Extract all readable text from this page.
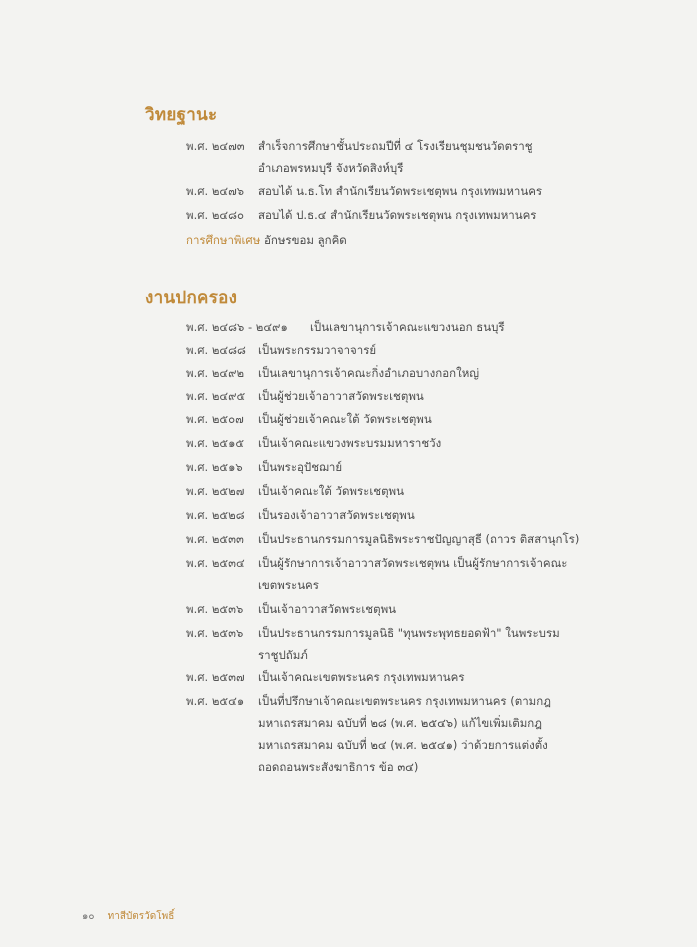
วิทยฐานะ
พ.ศ. ๒๔๗๓ สำเร็จการศึกษาชั้นประถมปีที่ ๔ โรงเรียนชุมชนวัดตราชู
อำเภอพรหมบุรี จังหวัดสิงห์บุรี
พ.ศ. ๒๔๗๖ สอบได้ น.ธ.โท สำนักเรียนวัดพระเชตุพน กรุงเทพมหานคร
พ.ศ. ๒๔๘๐ สอบได้ ป.ธ.๔ สำนักเรียนวัดพระเชตุพน กรุงเทพมหานคร
การศึกษาพิเศษ อักษรขอม ลูกคิด
งานปกครอง
พ.ศ. ๒๔๘๖ - ๒๔๙๑ เป็นเลขานุการเจ้าคณะแขวงนอก ธนบุรี
พ.ศ. ๒๔๘๘ เป็นพระกรรมวาจาจารย์
พ.ศ. ๒๔๙๒ เป็นเลขานุการเจ้าคณะกิ่งอำเภอบางกอกใหญ่
พ.ศ. ๒๔๙๕ เป็นผู้ช่วยเจ้าอาวาสวัดพระเชตุพน
พ.ศ. ๒๕๐๗ เป็นผู้ช่วยเจ้าคณะใต้ วัดพระเชตุพน
พ.ศ. ๒๕๑๕ เป็นเจ้าคณะแขวงพระบรมมหาราชวัง
พ.ศ. ๒๕๑๖ เป็นพระอุปัชฌาย์
พ.ศ. ๒๕๒๗ เป็นเจ้าคณะใต้ วัดพระเชตุพน
พ.ศ. ๒๕๒๘ เป็นรองเจ้าอาวาสวัดพระเชตุพน
พ.ศ. ๒๕๓๓ เป็นประธานกรรมการมูลนิธิพระราชปัญญาสุธี (ถาวร ติสสานุกโร)
พ.ศ. ๒๕๓๔ เป็นผู้รักษาการเจ้าอาวาสวัดพระเชตุพน เป็นผู้รักษาการเจ้าคณะ
เขตพระนคร
พ.ศ. ๒๕๓๖ เป็นเจ้าอาวาสวัดพระเชตุพน
พ.ศ. ๒๕๓๖ เป็นประธานกรรมการมูลนิธิ "ทุนพระพุทธยอดฟ้า" ในพระบรม
ราชูปถัมภ์
พ.ศ. ๒๕๓๗ เป็นเจ้าคณะเขตพระนคร กรุงเทพมหานคร
พ.ศ. ๒๕๔๑ เป็นที่ปรึกษาเจ้าคณะเขตพระนคร กรุงเทพมหานคร (ตามกฎ
มหาเถรสมาคม ฉบับที่ ๒๘ (พ.ศ. ๒๕๔๖) แก้ไขเพิ่มเติมกฎ
มหาเถรสมาคม ฉบับที่ ๒๔ (พ.ศ. ๒๕๔๑) ว่าด้วยการแต่งตั้ง
ถอดถอนพระสังฆาธิการ ข้อ ๓๔)
๑๐ ทาสีบัตรวัดโพธิ์
